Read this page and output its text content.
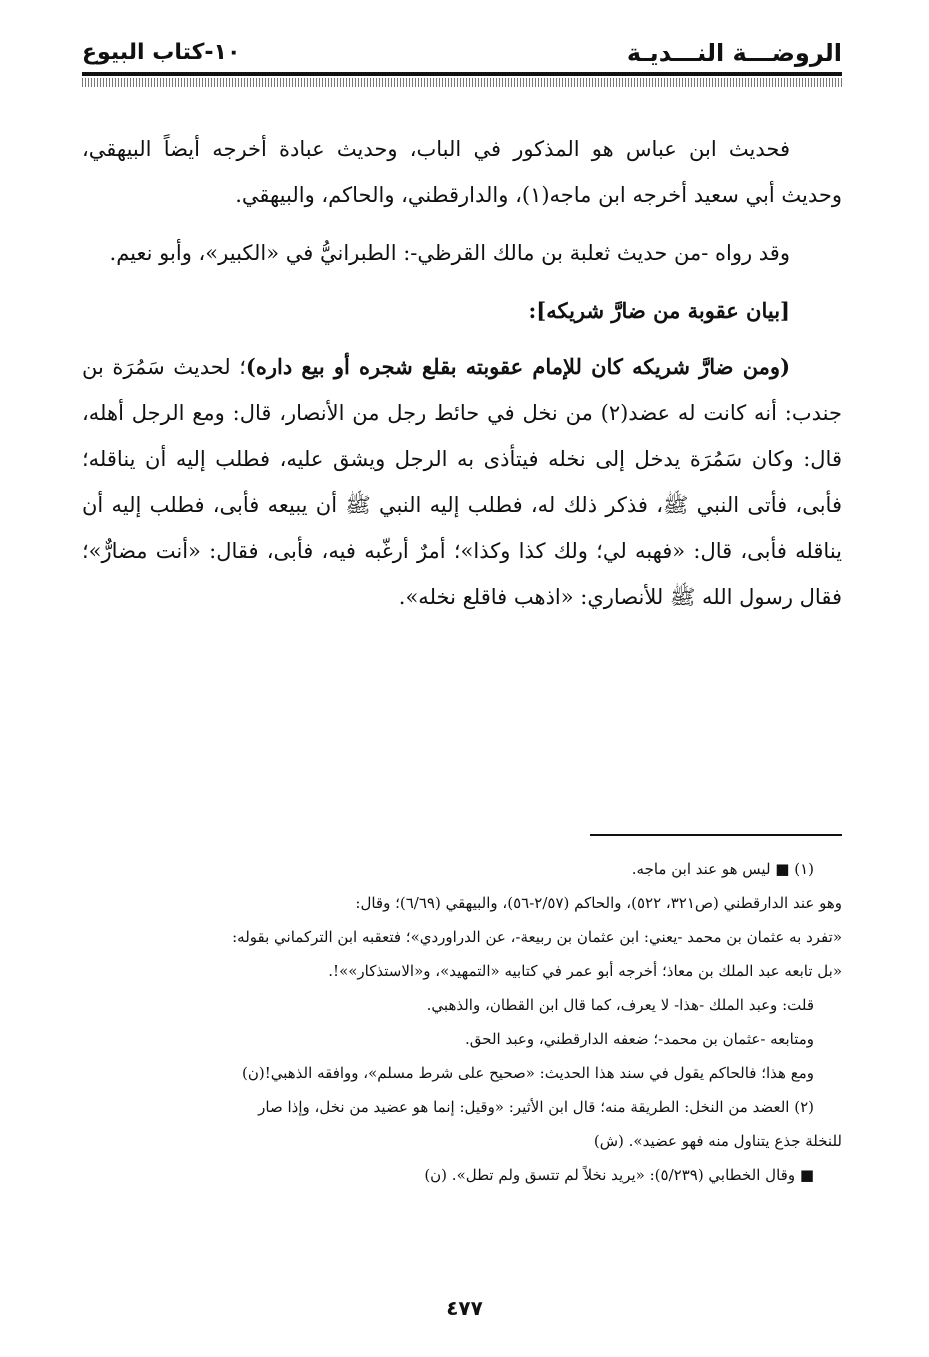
الروضـــة النـــديـة
١٠-كتاب البيوع

فحديث ابن عباس هو المذكور في الباب، وحديث عبادة أخرجه أيضاً البيهقي، وحديث أبي سعيد أخرجه ابن ماجه(١)، والدارقطني، والحاكم، والبيهقي.

وقد رواه -من حديث ثعلبة بن مالك القرظي-: الطبرانيُّ في «الكبير»، وأبو نعيم.

[بيان عقوبة من ضارَّ شريكه]:

(ومن ضارَّ شريكه كان للإمام عقوبته بقلع شجره أو بيع داره)؛ لحديث سَمُرَة بن جندب: أنه كانت له عضد(٢) من نخل في حائط رجل من الأنصار، قال: ومع الرجل أهله، قال: وكان سَمُرَة يدخل إلى نخله فيتأذى به الرجل ويشق عليه، فطلب إليه أن يناقله؛ فأبى، فأتى النبي ﷺ، فذكر ذلك له، فطلب إليه النبي ﷺ أن يبيعه فأبى، فطلب إليه أن يناقله فأبى، قال: «فهبه لي؛ ولك كذا وكذا»؛ أمرٌ أرغّبه فيه، فأبى، فقال: «أنت مضارٌّ»؛ فقال رسول الله ﷺ للأنصاري: «اذهب فاقلع نخله».

(١) ■ ليس هو عند ابن ماجه.

وهو عند الدارقطني (ص٣٢١، ٥٢٢)، والحاكم (٢/٥٧-٥٦)، والبيهقي (٦/٦٩)؛ وقال:

«تفرد به عثمان بن محمد -يعني: ابن عثمان بن ربيعة-، عن الدراوردي»؛ فتعقبه ابن التركماني بقوله:

«بل تابعه عبد الملك بن معاذ؛ أخرجه أبو عمر في كتابيه «التمهيد»، و«الاستذكار»»!.

قلت: وعبد الملك -هذا- لا يعرف، كما قال ابن القطان، والذهبي.

ومتابعه -عثمان بن محمد-؛ ضعفه الدارقطني، وعبد الحق.

ومع هذا؛ فالحاكم يقول في سند هذا الحديث: «صحيح على شرط مسلم»، ووافقه الذهبي!(ن)

(٢) العضد من النخل: الطريقة منه؛ قال ابن الأثير: «وقيل: إنما هو عضيد من نخل، وإذا صار

للنخلة جذع يتناول منه فهو عضيد». (ش)

■ وقال الخطابي (٥/٢٣٩): «يريد نخلاً لم تتسق ولم تطل». (ن)

٤٧٧
